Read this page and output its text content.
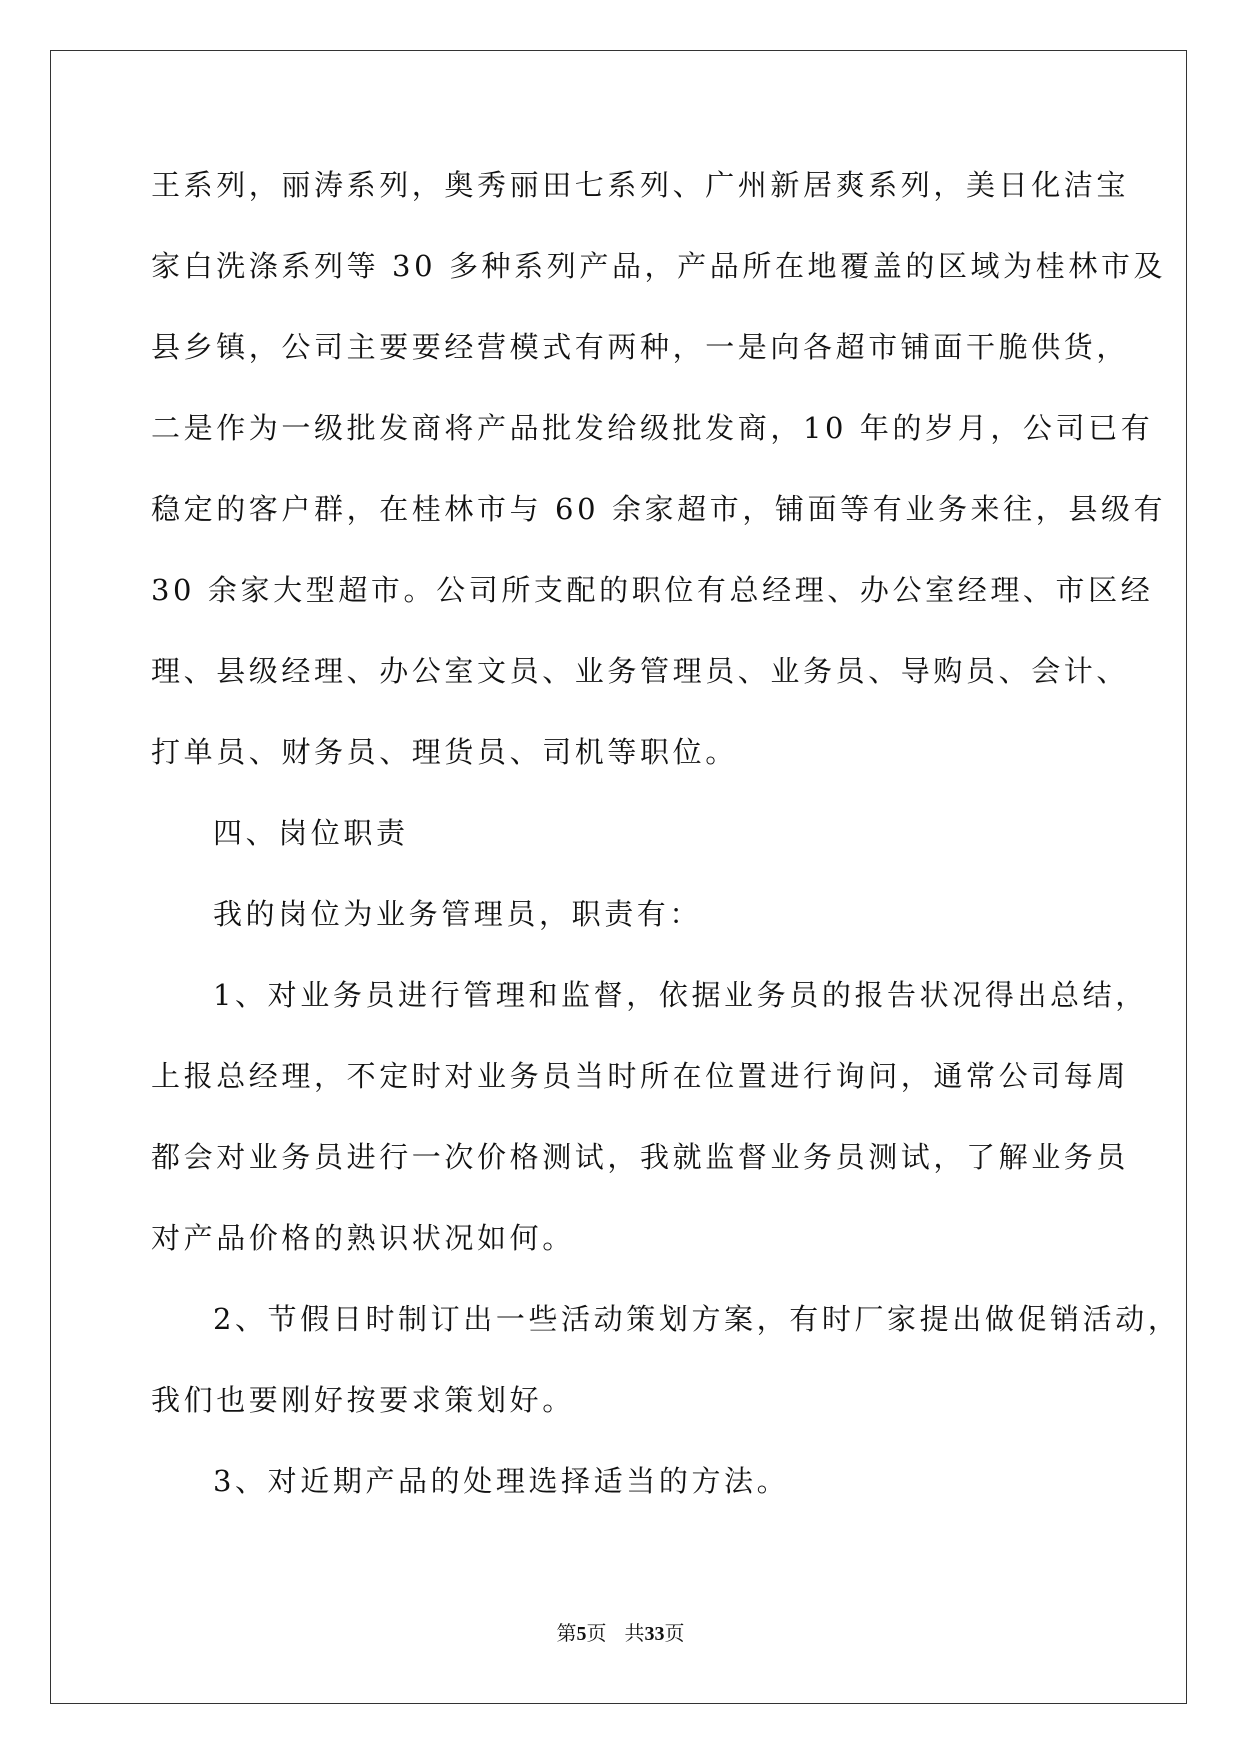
王系列，丽涛系列，奥秀丽田七系列、广州新居爽系列，美日化洁宝
家白洗涤系列等 30 多种系列产品，产品所在地覆盖的区域为桂林市及
县乡镇，公司主要要经营模式有两种，一是向各超市铺面干脆供货，
二是作为一级批发商将产品批发给级批发商，10 年的岁月，公司已有
稳定的客户群，在桂林市与 60 余家超市，铺面等有业务来往，县级有
30 余家大型超市。公司所支配的职位有总经理、办公室经理、市区经
理、县级经理、办公室文员、业务管理员、业务员、导购员、会计、
打单员、财务员、理货员、司机等职位。
四、岗位职责
我的岗位为业务管理员，职责有：
1、对业务员进行管理和监督，依据业务员的报告状况得出总结，
上报总经理，不定时对业务员当时所在位置进行询问，通常公司每周
都会对业务员进行一次价格测试，我就监督业务员测试，了解业务员
对产品价格的熟识状况如何。
2、节假日时制订出一些活动策划方案，有时厂家提出做促销活动，
我们也要刚好按要求策划好。
3、对近期产品的处理选择适当的方法。
第5页 共33页
